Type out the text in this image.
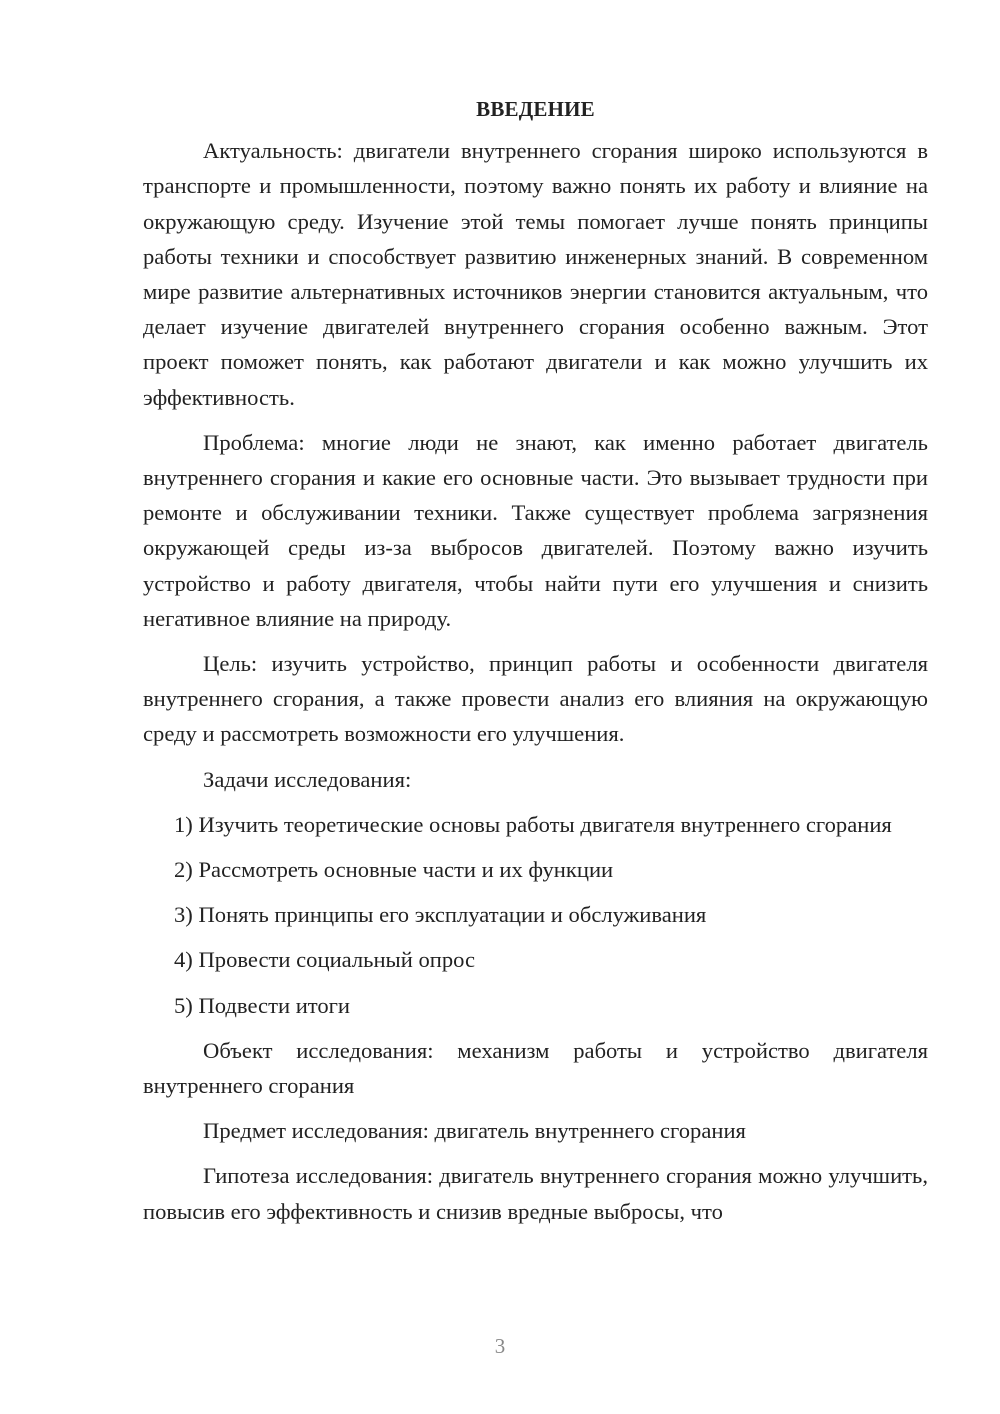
ВВЕДЕНИЕ

Актуальность: двигатели внутреннего сгорания широко используются в транспорте и промышленности, поэтому важно понять их работу и влияние на окружающую среду. Изучение этой темы помогает лучше понять принципы работы техники и способствует развитию инженерных знаний. В современном мире развитие альтернативных источников энергии становится актуальным, что делает изучение двигателей внутреннего сгорания особенно важным. Этот проект поможет понять, как работают двигатели и как можно улучшить их эффективность.

Проблема: многие люди не знают, как именно работает двигатель внутреннего сгорания и какие его основные части. Это вызывает трудности при ремонте и обслуживании техники. Также существует проблема загрязнения окружающей среды из-за выбросов двигателей. Поэтому важно изучить устройство и работу двигателя, чтобы найти пути его улучшения и снизить негативное влияние на природу.

Цель: изучить устройство, принцип работы и особенности двигателя внутреннего сгорания, а также провести анализ его влияния на окружающую среду и рассмотреть возможности его улучшения.

Задачи исследования:

1) Изучить теоретические основы работы двигателя внутреннего сгорания

2) Рассмотреть основные части и их функции

3) Понять принципы его эксплуатации и обслуживания

4) Провести социальный опрос

5) Подвести итоги

Объект исследования: механизм работы и устройство двигателя внутреннего сгорания

Предмет исследования: двигатель внутреннего сгорания

Гипотеза исследования: двигатель внутреннего сгорания можно улучшить, повысив его эффективность и снизив вредные выбросы, что

3
